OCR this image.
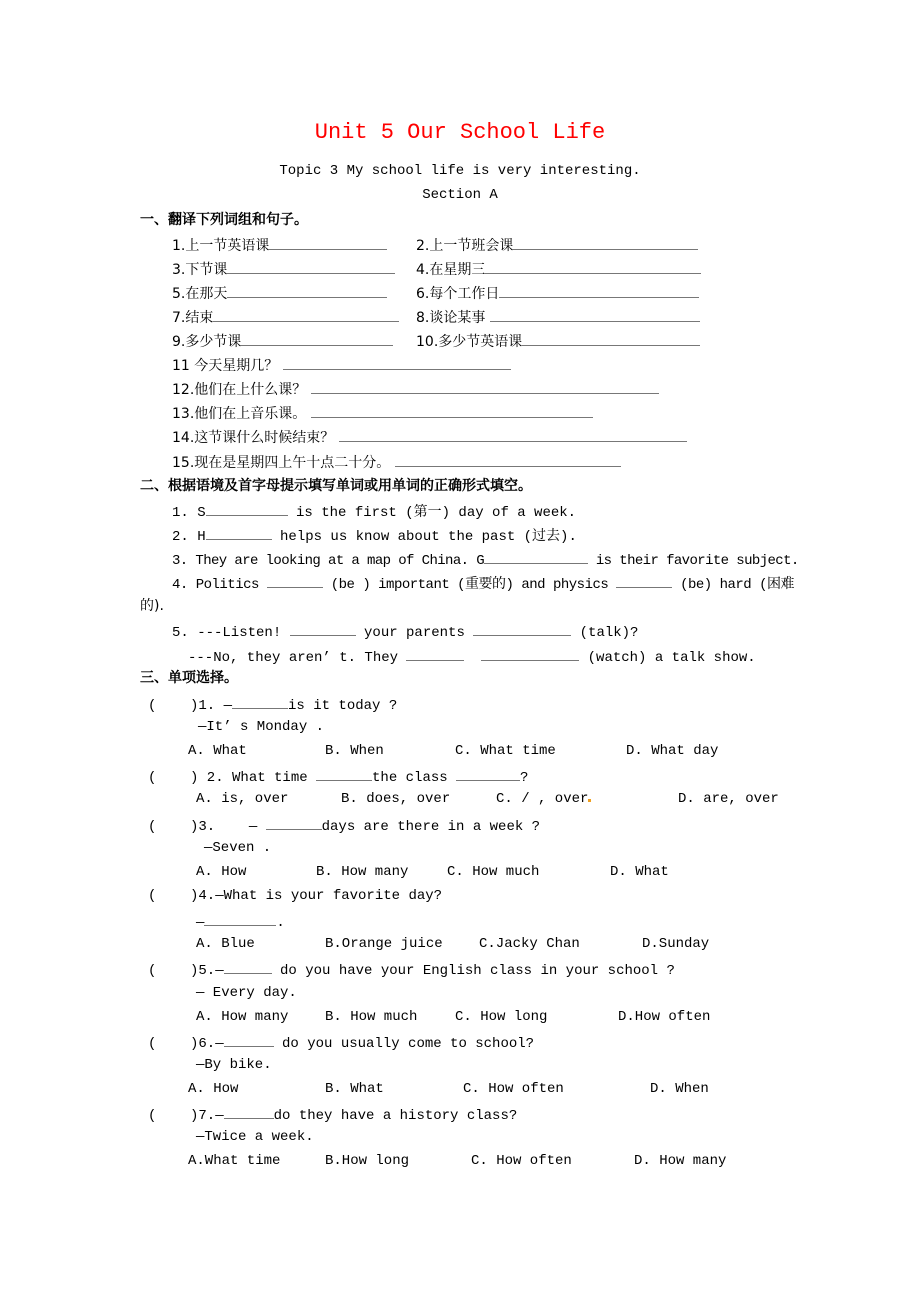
Unit 5 Our School Life
Topic 3 My school life is very interesting.
Section A
一、翻译下列词组和句子。
1.上一节英语课	2.上一节班会课
3.下节课	4.在星期三
5.在那天	6.每个工作日
7.结束	8.谈论某事
9.多少节课	10.多少节英语课
11 今天星期几？
12.他们在上什么课？
13.他们在上音乐课。
14.这节课什么时候结束？
15.现在是星期四上午十点二十分。
二、根据语境及首字母提示填写单词或用单词的正确形式填空。
1. S	is the first (第一) day of a week.
2. H	helps us know about the past (过去).
3. They are looking at a map of China. G	is their favorite subject.
4. Politics	(be ) important (重要的) and physics	(be) hard (困难
的).
5. ---Listen!	your parents	(talk)?
---No, they aren’ t. They	(watch) a talk show.
三、单项选择。
(    )1. —	is it today ?
—It’ s Monday .
A. What	B. When	C. What time	D. What day
(    ) 2. What time	the class	?
A. is, over	B. does, over	C. / , over	D. are, over
(    )3.    —	days are there in a week ?
—Seven .
A. How	B. How many	C. How much	D. What
(    )4.—What is your favorite day?
—	.
A. Blue	B.Orange juice	C.Jacky Chan	D.Sunday
(    )5.—	do you have your English class in your school ?
— Every day.
A. How many	B. How much	C. How long	D.How often
(    )6.—	do you usually come to school?
—By bike.
A. How	B. What	C. How often	D. When
(    )7.—	do they have a history class?
—Twice a week.
A.What time	B.How long	C. How often	D. How many
